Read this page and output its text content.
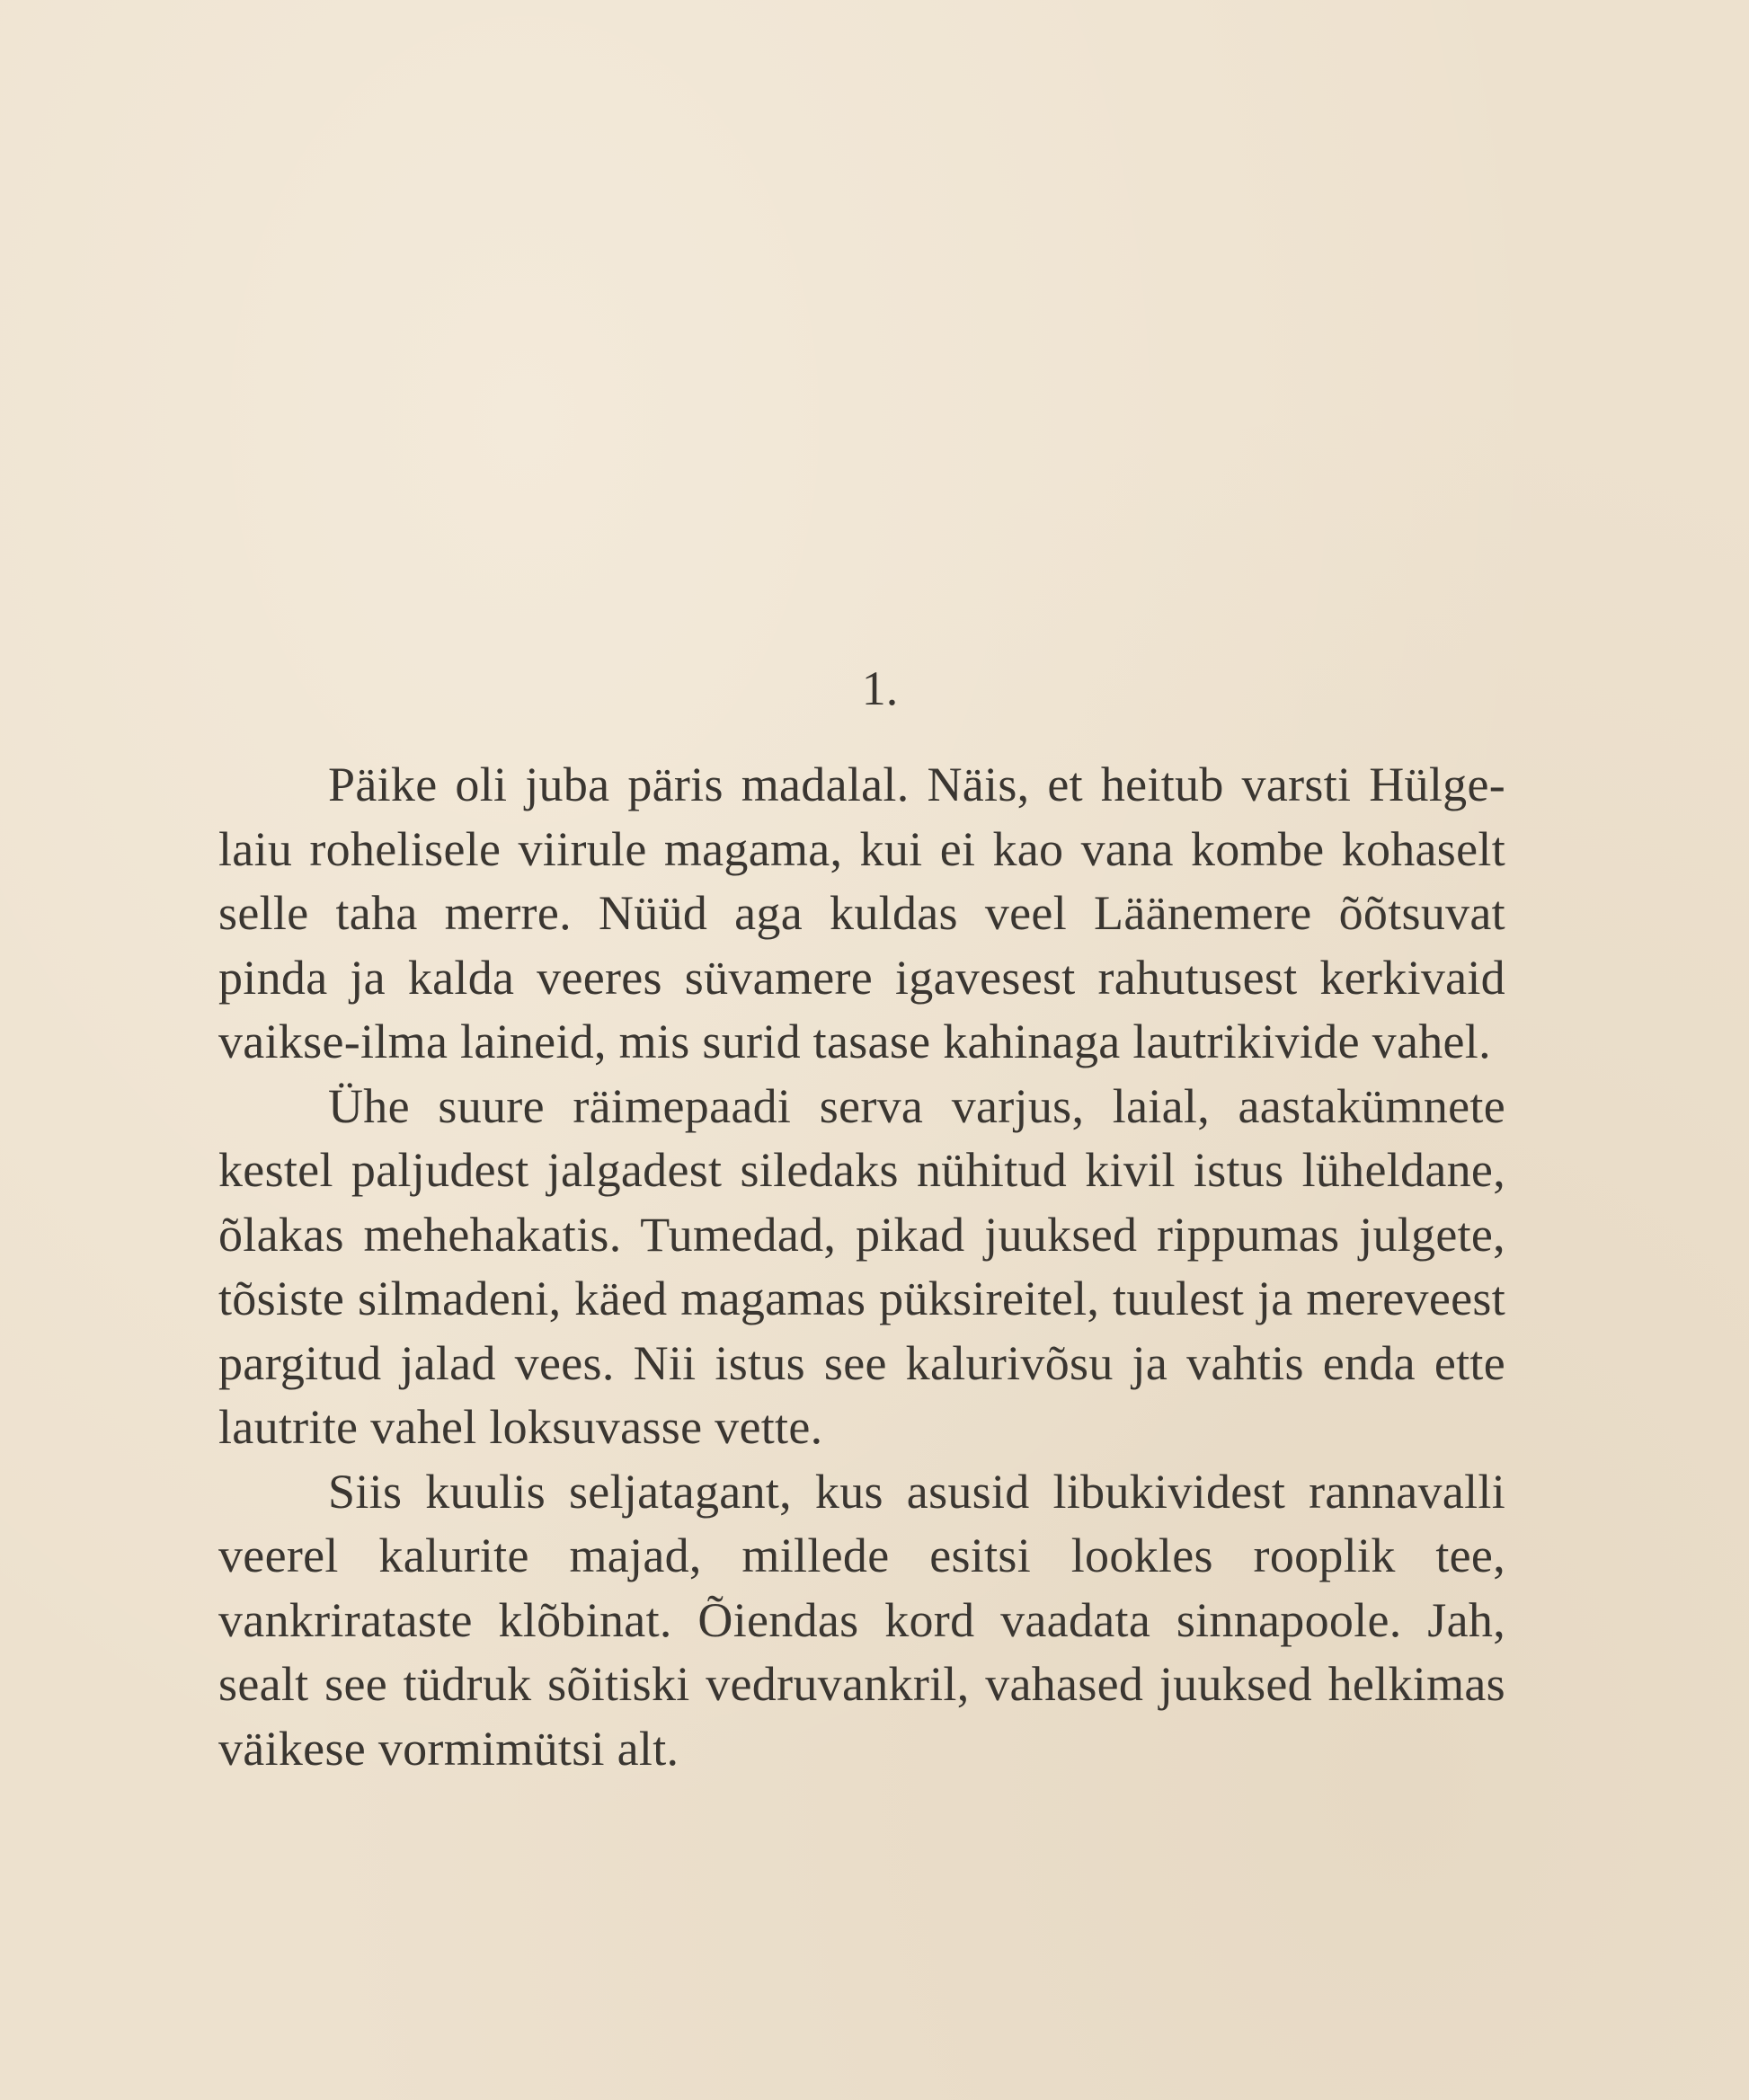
1.

Päike oli juba päris madalal. Näis, et heitub varsti Hülge-laiu rohelisele viirule magama, kui ei kao vana kombe kohaselt selle taha merre. Nüüd aga kuldas veel Läänemere õõtsuvat pinda ja kalda veeres süvamere igavesest rahutusest kerkivaid vaikse-ilma laineid, mis surid tasase kahinaga lautrikivide vahel.

Ühe suure räimepaadi serva varjus, laial, aastakümnete kestel paljudest jalgadest siledaks nühitud kivil istus lüheldane, õlakas mehehakatis. Tumedad, pikad juuksed rippumas julgete, tõsiste silmadeni, käed magamas püksireitel, tuulest ja mereveest pargitud jalad vees. Nii istus see kalurivõsu ja vahtis enda ette lautrite vahel loksuvasse vette.

Siis kuulis seljatagant, kus asusid libukividest rannavalli veerel kalurite majad, millede esitsi lookles rooplik tee, vankrirataste klõbinat. Õiendas kord vaadata sinnapoole. Jah, sealt see tüdruk sõitiski vedruvankril, vahased juuksed helkimas väikese vormimütsi alt.
